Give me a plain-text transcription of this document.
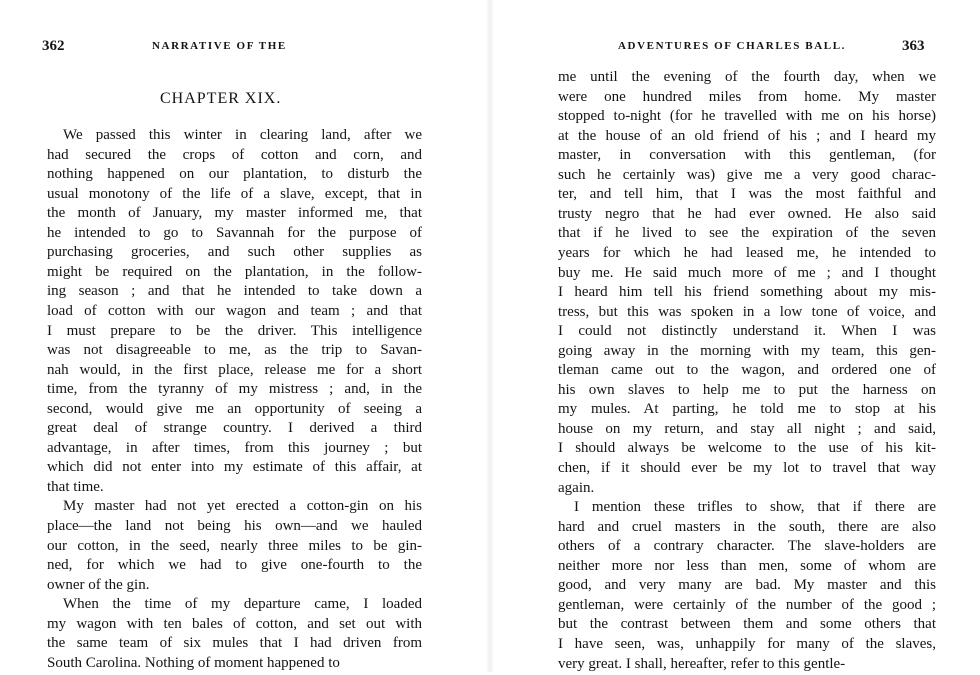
362	NARRATIVE OF THE
CHAPTER XIX.
We passed this winter in clearing land, after we
had secured the crops of cotton and corn, and
nothing happened on our plantation, to disturb the
usual monotony of the life of a slave, except, that in
the month of January, my master informed me, that
he intended to go to Savannah for the purpose of
purchasing groceries, and such other supplies as
might be required on the plantation, in the follow-
ing season ; and that he intended to take down a
load of cotton with our wagon and team ; and that
I must prepare to be the driver. This intelligence
was not disagreeable to me, as the trip to Savan-
nah would, in the first place, release me for a short
time, from the tyranny of my mistress ; and, in the
second, would give me an opportunity of seeing a
great deal of strange country. I derived a third
advantage, in after times, from this journey ; but
which did not enter into my estimate of this affair, at
that time.
My master had not yet erected a cotton-gin on his
place—the land not being his own—and we hauled
our cotton, in the seed, nearly three miles to be gin-
ned, for which we had to give one-fourth to the
owner of the gin.
When the time of my departure came, I loaded
my wagon with ten bales of cotton, and set out with
the same team of six mules that I had driven from
South Carolina. Nothing of moment happened to
ADVENTURES OF CHARLES BALL.	363
me until the evening of the fourth day, when we
were one hundred miles from home. My master
stopped to-night (for he travelled with me on his horse)
at the house of an old friend of his ; and I heard my
master, in conversation with this gentleman, (for
such he certainly was) give me a very good charac-
ter, and tell him, that I was the most faithful and
trusty negro that he had ever owned. He also said
that if he lived to see the expiration of the seven
years for which he had leased me, he intended to
buy me. He said much more of me ; and I thought
I heard him tell his friend something about my mis-
tress, but this was spoken in a low tone of voice, and
I could not distinctly understand it. When I was
going away in the morning with my team, this gen-
tleman came out to the wagon, and ordered one of
his own slaves to help me to put the harness on
my mules. At parting, he told me to stop at his
house on my return, and stay all night ; and said,
I should always be welcome to the use of his kit-
chen, if it should ever be my lot to travel that way
again.
I mention these trifles to show, that if there are
hard and cruel masters in the south, there are also
others of a contrary character. The slave-holders are
neither more nor less than men, some of whom are
good, and very many are bad. My master and this
gentleman, were certainly of the number of the good ;
but the contrast between them and some others that
I have seen, was, unhappily for many of the slaves,
very great. I shall, hereafter, refer to this gentle-
